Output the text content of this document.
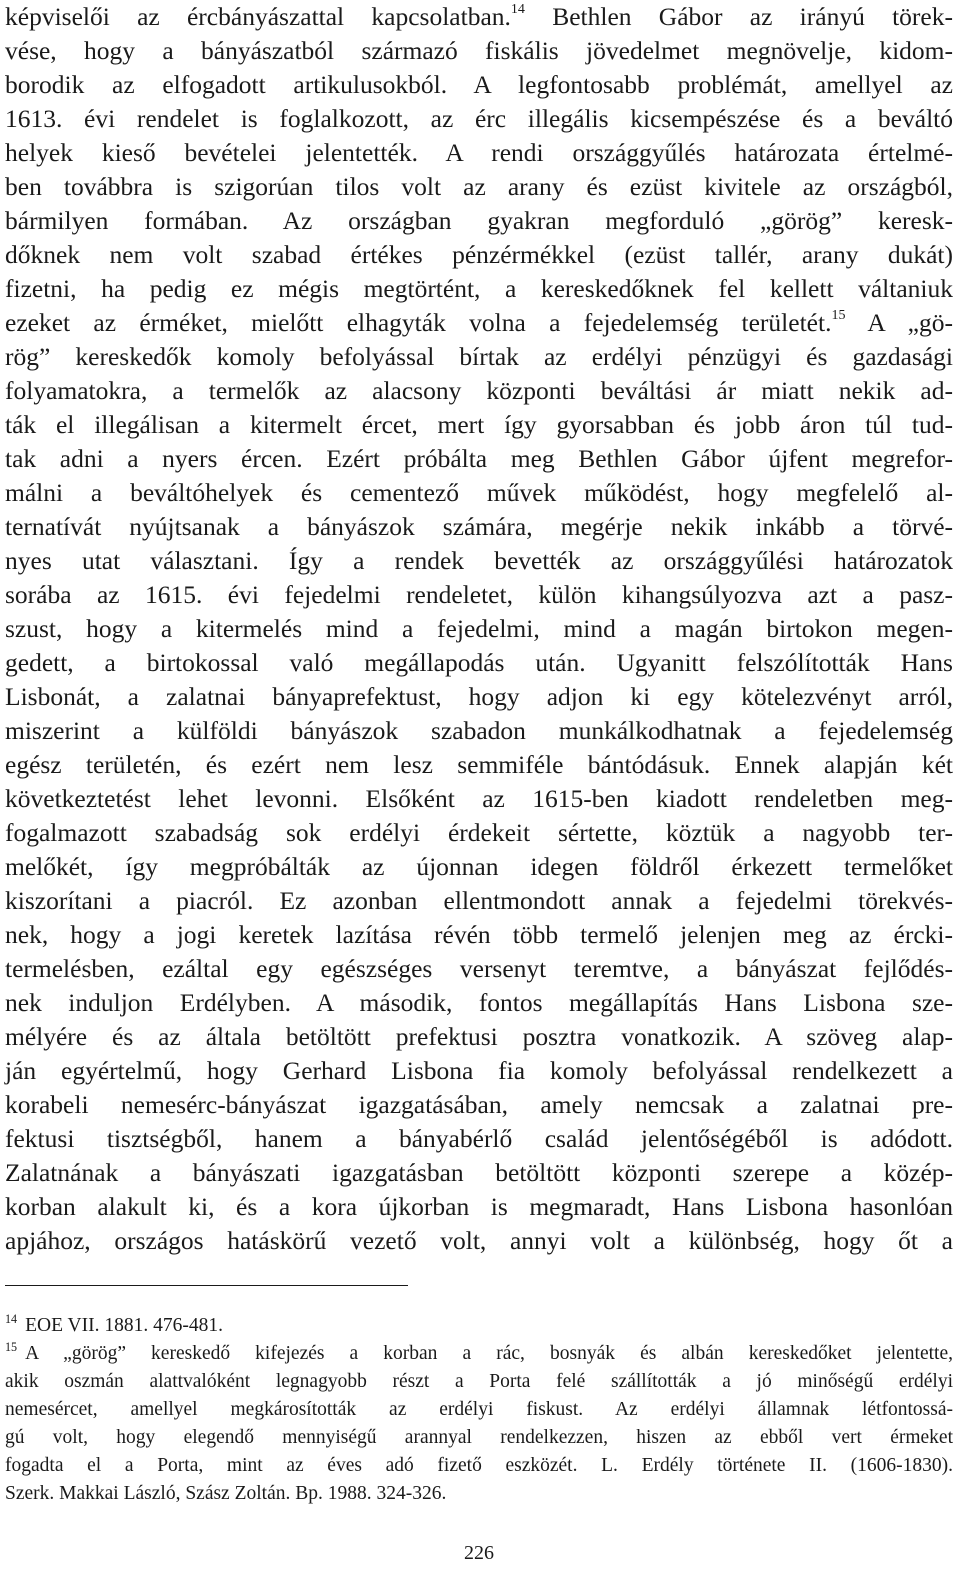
képviselői az ércbányászattal kapcsolatban.$^{14}$ Bethlen Gábor az irányú törek-
vése, hogy a bányászatból származó fiskális jövedelmet megnövelje, kidom-
borodik az elfogadott artikulusokból. A legfontosabb problémát, amellyel az
1613. évi rendelet is foglalkozott, az érc illegális kicsempészése és a beváltó
helyek kieső bevételei jelentették. A rendi országgyűlés határozata értelmé-
ben továbbra is szigorúan tilos volt az arany és ezüst kivitele az országból,
bármilyen formában. Az országban gyakran megforduló „görög” keresk-
dőknek nem volt szabad értékes pénzérmékkel (ezüst tallér, arany dukát)
fizetni, ha pedig ez mégis megtörtént, a kereskedőknek fel kellett váltaniuk
ezeket az érméket, mielőtt elhagyták volna a fejedelemség területét.$^{15}$ A „gö-
rög” kereskedők komoly befolyással bírtak az erdélyi pénzügyi és gazdasági
folyamatokra, a termelők az alacsony központi beváltási ár miatt nekik ad-
ták el illegálisan a kitermelt ércet, mert így gyorsabban és jobb áron túl tud-
tak adni a nyers ércen. Ezért próbálta meg Bethlen Gábor újfent megrefor-
málni a beváltóhelyek és cementező művek működést, hogy megfelelő al-
ternatívát nyújtsanak a bányászok számára, megérje nekik inkább a törvé-
nyes utat választani. Így a rendek bevették az országgyűlési határozatok
sorába az 1615. évi fejedelmi rendeletet, külön kihangsúlyozva azt a pasz-
szust, hogy a kitermelés mind a fejedelmi, mind a magán birtokon megen-
gedett, a birtokossal való megállapodás után. Ugyanitt felszólították Hans
Lisbonát, a zalatnai bányaprefektust, hogy adjon ki egy kötelezvényt arról,
miszerint a külföldi bányászok szabadon munkálkodhatnak a fejedelemség
egész területén, és ezért nem lesz semmiféle bántódásuk. Ennek alapján két
következtetést lehet levonni. Elsőként az 1615-ben kiadott rendeletben meg-
fogalmazott szabadság sok erdélyi érdekeit sértette, köztük a nagyobb ter-
melőkét, így megpróbálták az újonnan idegen földről érkezett termelőket
kiszorítani a piacról. Ez azonban ellentmondott annak a fejedelmi törekvés-
nek, hogy a jogi keretek lazítása révén több termelő jelenjen meg az ércki-
termelésben, ezáltal egy egészséges versenyt teremtve, a bányászat fejlődés-
nek induljon Erdélyben. A második, fontos megállapítás Hans Lisbona sze-
mélyére és az általa betöltött prefektusi posztra vonatkozik. A szöveg alap-
ján egyértelmű, hogy Gerhard Lisbona fia komoly befolyással rendelkezett a
korabeli nemesérc-bányászat igazgatásában, amely nemcsak a zalatnai pre-
fektusi tisztségből, hanem a bányabérlő család jelentőségéből is adódott.
Zalatnának a bányászati igazgatásban betöltött központi szerepe a közép-
korban alakult ki, és a kora újkorban is megmaradt, Hans Lisbona hasonlóan
apjához, országos hatáskörű vezető volt, annyi volt a különbség, hogy őt a

$^{14}$ EOE VII. 1881. 476-481.
$^{15}$ A „görög” kereskedő kifejezés a korban a rác, bosnyák és albán kereskedőket jelentette,
akik oszmán alattvalóként legnagyobb részt a Porta felé szállították a jó minőségű erdélyi
nemesércet, amellyel megkárosították az erdélyi fiskust. Az erdélyi államnak létfontossá-
gú volt, hogy elegendő mennyiségű arannyal rendelkezzen, hiszen az ebből vert érmeket
fogadta el a Porta, mint az éves adó fizető eszközét. L. Erdély története II. (1606-1830).
Szerk. Makkai László, Szász Zoltán. Bp. 1988. 324-326.
226
